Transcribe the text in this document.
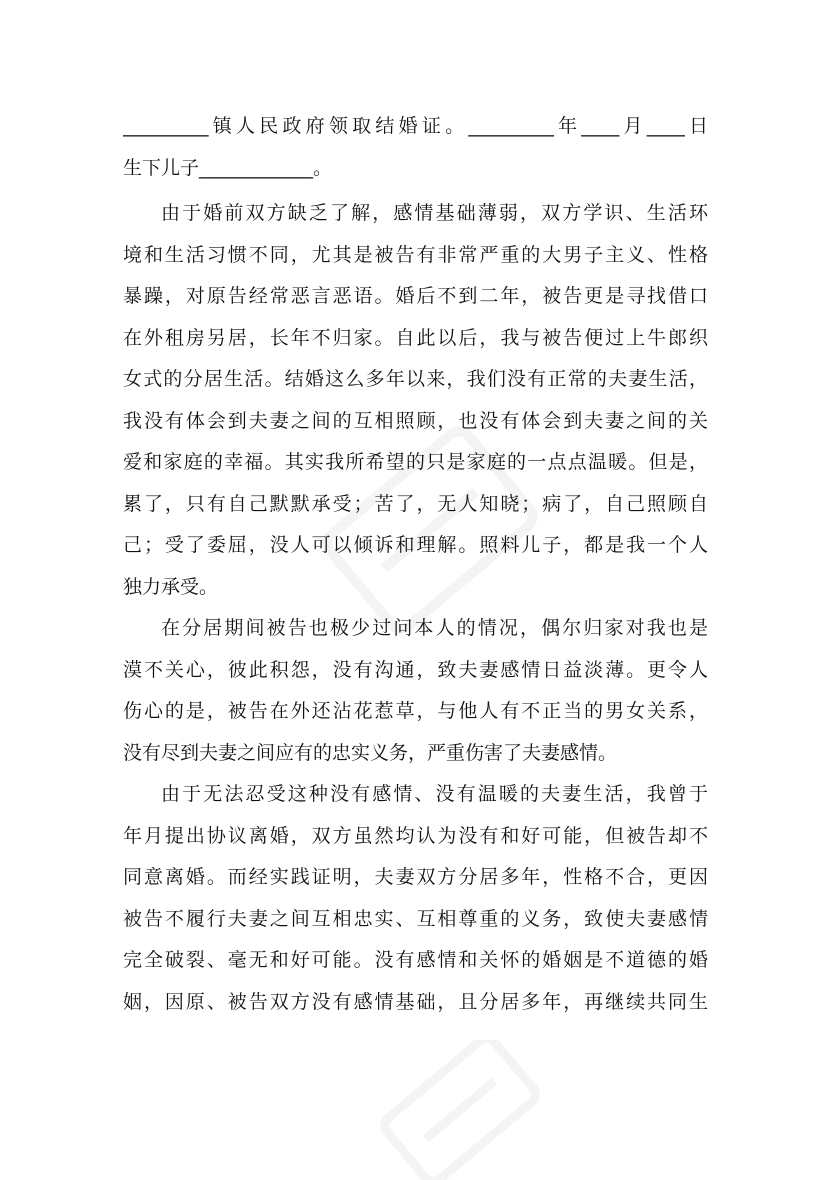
_________镇人民政府领取结婚证。_________年____月____日
生下儿子____________。
由于婚前双方缺乏了解，感情基础薄弱，双方学识、生活环
境和生活习惯不同，尤其是被告有非常严重的大男子主义、性格
暴躁，对原告经常恶言恶语。婚后不到二年，被告更是寻找借口
在外租房另居，长年不归家。自此以后，我与被告便过上牛郎织
女式的分居生活。结婚这么多年以来，我们没有正常的夫妻生活，
我没有体会到夫妻之间的互相照顾，也没有体会到夫妻之间的关
爱和家庭的幸福。其实我所希望的只是家庭的一点点温暖。但是，
累了，只有自己默默承受；苦了，无人知晓；病了，自己照顾自
己；受了委屈，没人可以倾诉和理解。照料儿子，都是我一个人
独力承受。
在分居期间被告也极少过问本人的情况，偶尔归家对我也是
漠不关心，彼此积怨，没有沟通，致夫妻感情日益淡薄。更令人
伤心的是，被告在外还沾花惹草，与他人有不正当的男女关系，
没有尽到夫妻之间应有的忠实义务，严重伤害了夫妻感情。
由于无法忍受这种没有感情、没有温暖的夫妻生活，我曾于
年月提出协议离婚，双方虽然均认为没有和好可能，但被告却不
同意离婚。而经实践证明，夫妻双方分居多年，性格不合，更因
被告不履行夫妻之间互相忠实、互相尊重的义务，致使夫妻感情
完全破裂、毫无和好可能。没有感情和关怀的婚姻是不道德的婚
姻，因原、被告双方没有感情基础，且分居多年，再继续共同生
